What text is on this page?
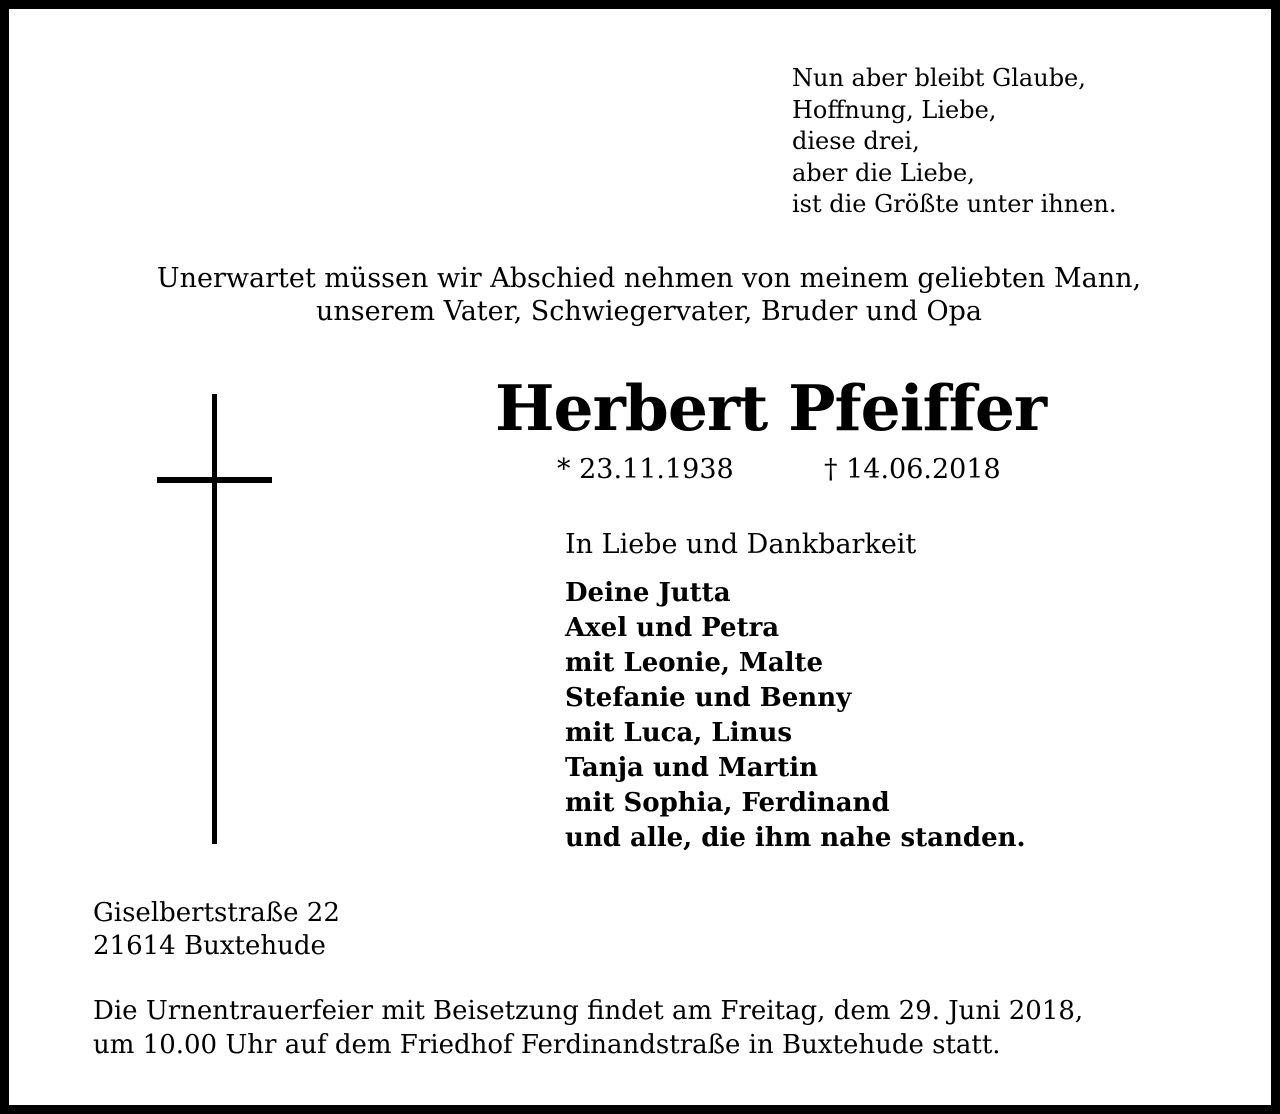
Nun aber bleibt Glaube,
Hoffnung, Liebe,
diese drei,
aber die Liebe,
ist die Größte unter ihnen.
Unerwartet müssen wir Abschied nehmen von meinem geliebten Mann,
unserem Vater, Schwiegervater, Bruder und Opa
Herbert Pfeiffer
* 23.11.1938	† 14.06.2018
In Liebe und Dankbarkeit
Deine Jutta
Axel und Petra
mit Leonie, Malte
Stefanie und Benny
mit Luca, Linus
Tanja und Martin
mit Sophia, Ferdinand
und alle, die ihm nahe standen.
Giselbertstraße 22
21614 Buxtehude
Die Urnentrauerfeier mit Beisetzung findet am Freitag, dem 29. Juni 2018,
um 10.00 Uhr auf dem Friedhof Ferdinandstraße in Buxtehude statt.
